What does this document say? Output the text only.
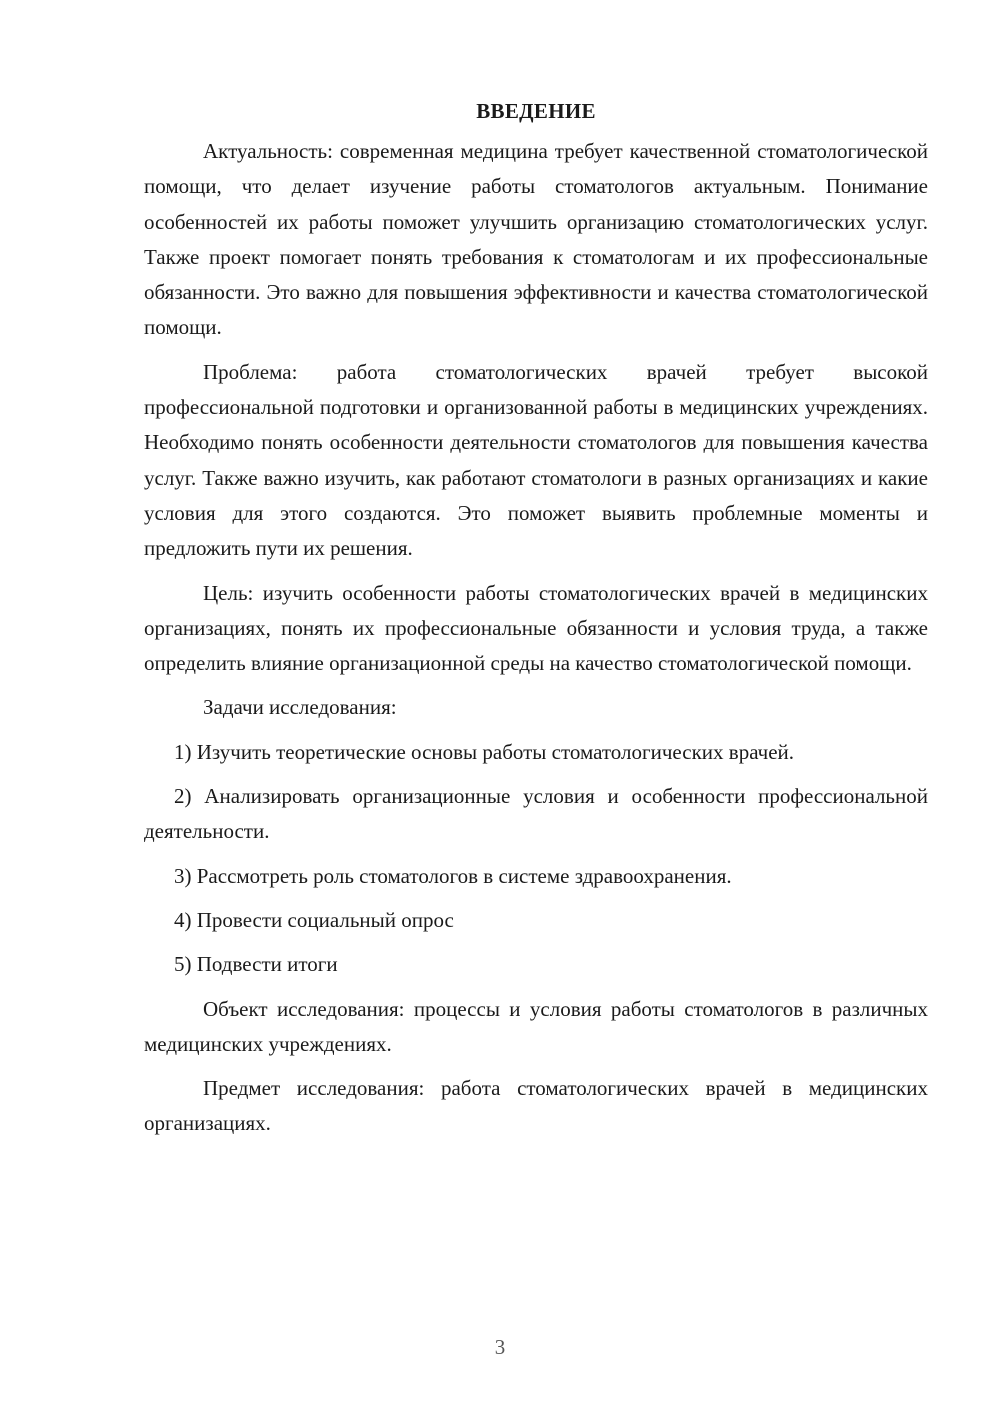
ВВЕДЕНИЕ

Актуальность: современная медицина требует качественной стоматологической помощи, что делает изучение работы стоматологов актуальным. Понимание особенностей их работы поможет улучшить организацию стоматологических услуг. Также проект помогает понять требования к стоматологам и их профессиональные обязанности. Это важно для повышения эффективности и качества стоматологической помощи.

Проблема: работа стоматологических врачей требует высокой профессиональной подготовки и организованной работы в медицинских учреждениях. Необходимо понять особенности деятельности стоматологов для повышения качества услуг. Также важно изучить, как работают стоматологи в разных организациях и какие условия для этого создаются. Это поможет выявить проблемные моменты и предложить пути их решения.

Цель: изучить особенности работы стоматологических врачей в медицинских организациях, понять их профессиональные обязанности и условия труда, а также определить влияние организационной среды на качество стоматологической помощи.

Задачи исследования:

1) Изучить теоретические основы работы стоматологических врачей.

2) Анализировать организационные условия и особенности профессиональной деятельности.

3) Рассмотреть роль стоматологов в системе здравоохранения.

4) Провести социальный опрос

5) Подвести итоги

Объект исследования: процессы и условия работы стоматологов в различных медицинских учреждениях.

Предмет исследования: работа стоматологических врачей в медицинских организациях.

3
